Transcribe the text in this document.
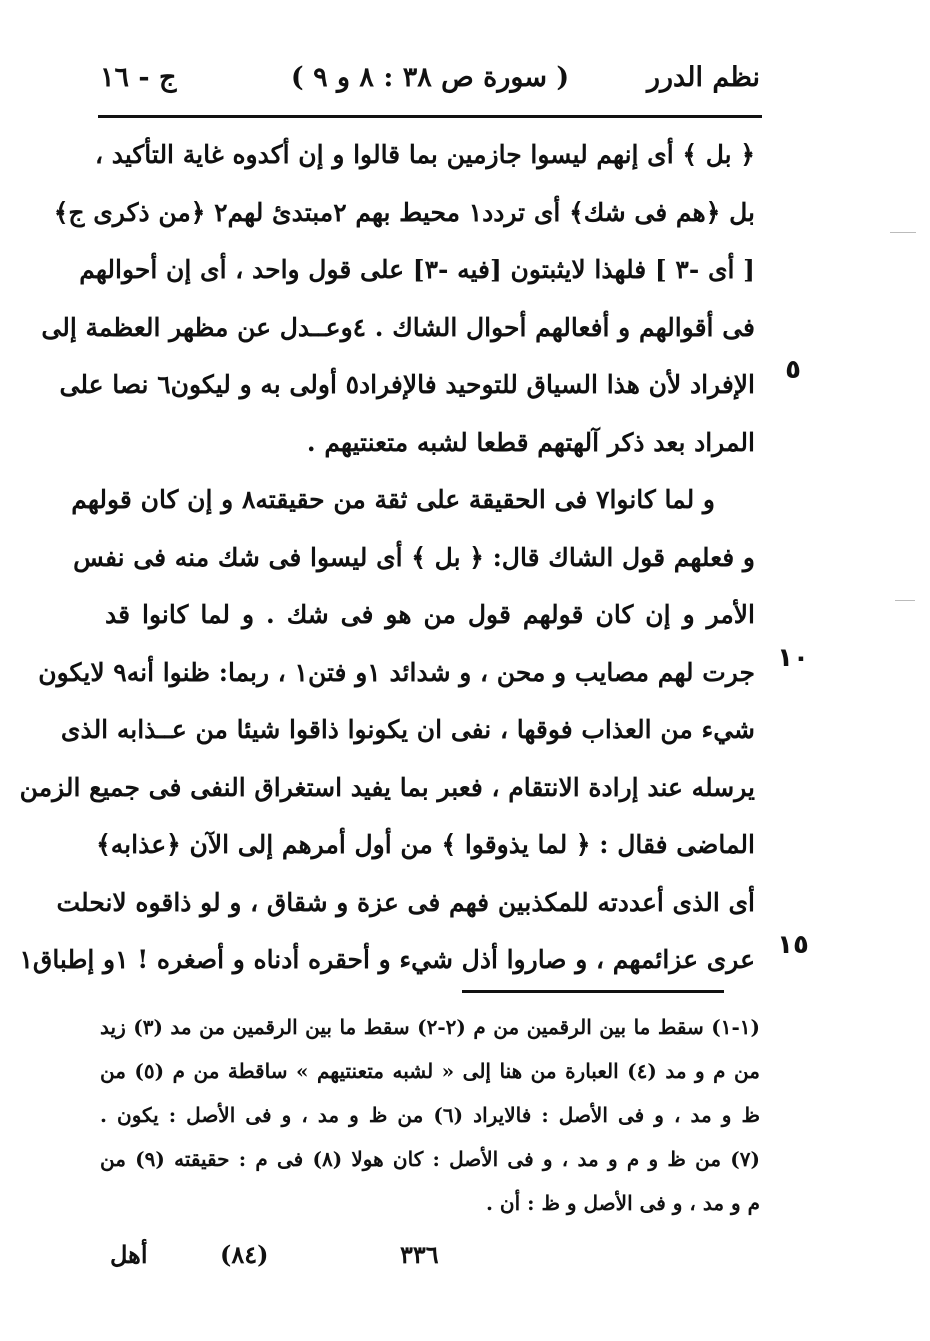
نظم الدرر
( سورة ص ٣٨ : ٨ و ٩ )
ج - ١٦
﴿ بل ﴾ أى إنهم ليسوا جازمين بما قالوا و إن أكدوه غاية التأكيد ،
بل ﴿هم فى شك﴾ أى تردد١ محيط بهم ٢مبتدئ لهم٢ ﴿من ذكرى ج﴾
[ أى -٣ ] فلهذا لايثبتون [فيه -٣] على قول واحد ، أى إن أحوالهم
فى أقوالهم و أفعالهم أحوال الشاك . ٤وعــدل عن مظهر العظمة إلى
الإفراد لأن هذا السياق للتوحيد فالإفراد٥ أولى به و ليكون٦ نصا على
المراد بعد ذكر آلهتهم قطعا لشبه متعنتيهم .
و لما كانوا٧ فى الحقيقة على ثقة من حقيقته٨ و إن كان قولهم
و فعلهم قول الشاك قال: ﴿ بل ﴾ أى ليسوا فى شك منه فى نفس
الأمر و إن كان قولهم قول من هو فى شك . و لما كانوا قد
جرت لهم مصايب و محن ، و شدائد ١و فتن١ ، ربما: ظنوا أنه٩ لايكون
شيء من العذاب فوقها ، نفى ان يكونوا ذاقوا شيئا من عــذابه الذى
يرسله عند إرادة الانتقام ، فعبر بما يفيد استغراق النفى فى جميع الزمن
الماضى فقال : ﴿ لما يذوقوا ﴾ من أول أمرهم إلى الآن ﴿عذابه﴾
أى الذى أعددته للمكذبين فهم فى عزة و شقاق ، و لو ذاقوه لانحلت
عرى عزائمهم ، و صاروا أذل شيء و أحقره أدناه و أصغره ! ١و إطباق١
٥
١٠
١٥
(١-١) سقط ما بين الرقمين من م (٢-٢) سقط ما بين الرقمين من مد (٣) زيد
من م و مد (٤) العبارة من هنا إلى « لشبه متعنتيهم » ساقطة من م (٥) من
ظ و مد ، و فى الأصل : فالايراد (٦) من ظ و مد ، و فى الأصل : يكون .
(٧) من ظ و م و مد ، و فى الأصل : كان هولا (٨) فى م : حقيقته (٩) من
م و مد ، و فى الأصل و ظ : أن .
٣٣٦
(٨٤)
أهل
